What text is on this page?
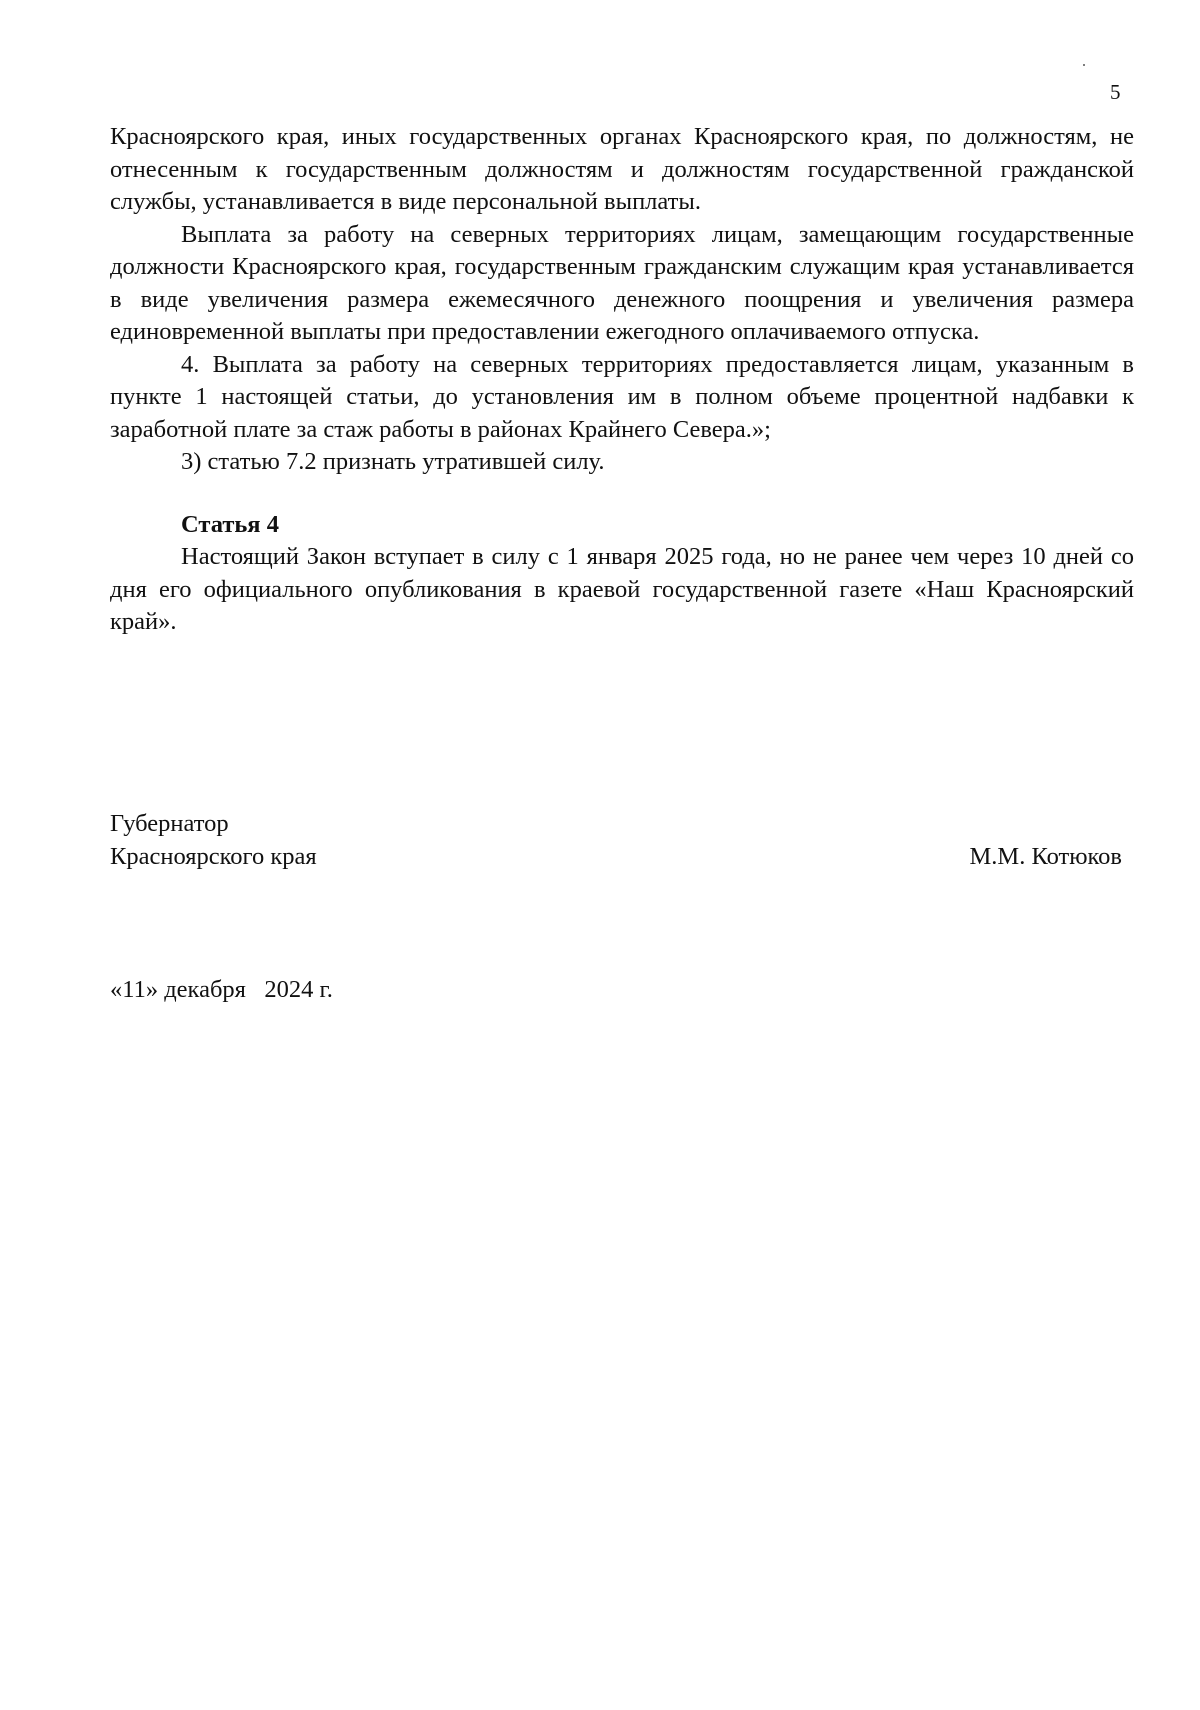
5

Красноярского края, иных государственных органах Красноярского края, по должностям, не отнесенным к государственным должностям и должностям государственной гражданской службы, устанавливается в виде персональной выплаты.

Выплата за работу на северных территориях лицам, замещающим государственные должности Красноярского края, государственным гражданским служащим края устанавливается в виде увеличения размера ежемесячного денежного поощрения и увеличения размера единовременной выплаты при предоставлении ежегодного оплачиваемого отпуска.

4. Выплата за работу на северных территориях предоставляется лицам, указанным в пункте 1 настоящей статьи, до установления им в полном объеме процентной надбавки к заработной плате за стаж работы в районах Крайнего Севера.»;

3) статью 7.2 признать утратившей силу.

Статья 4

Настоящий Закон вступает в силу с 1 января 2025 года, но не ранее чем через 10 дней со дня его официального опубликования в краевой государственной газете «Наш Красноярский край».

Губернатор

Красноярского края	М.М. Котюков
«11» декабря   2024 г.
